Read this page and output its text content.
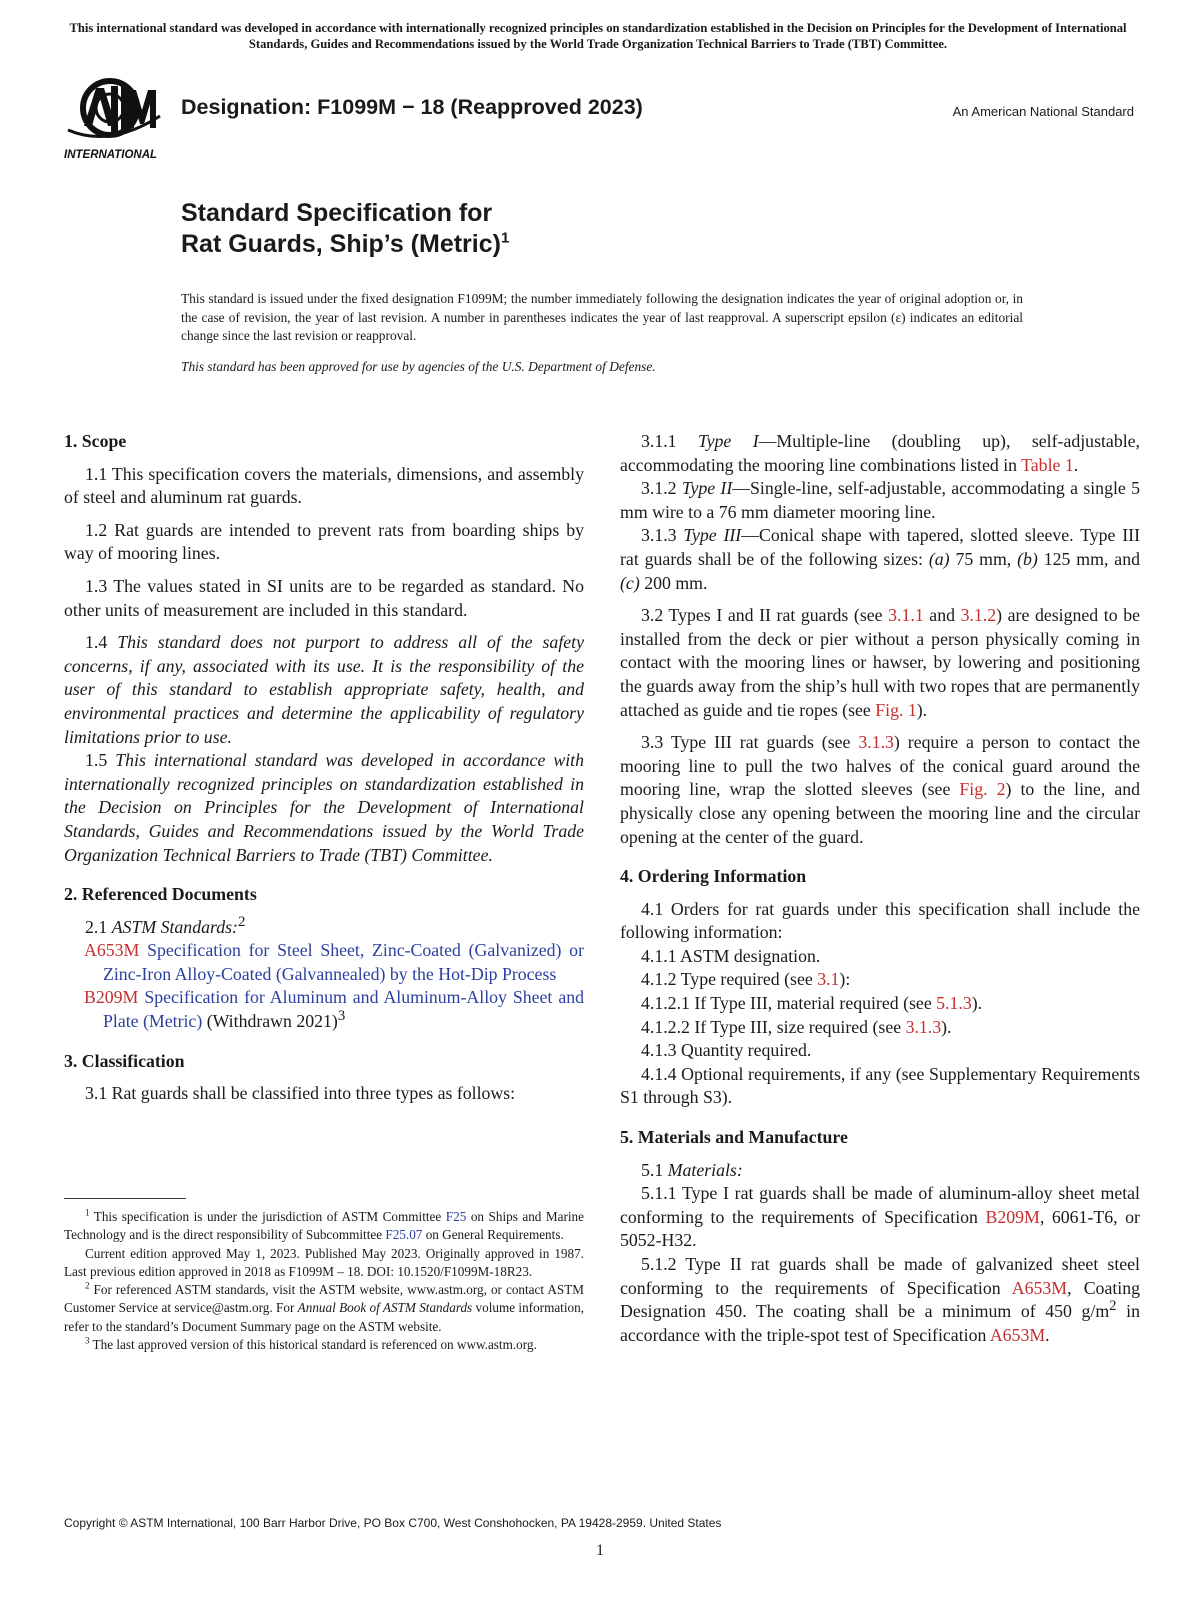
This international standard was developed in accordance with internationally recognized principles on standardization established in the Decision on Principles for the Development of International Standards, Guides and Recommendations issued by the World Trade Organization Technical Barriers to Trade (TBT) Committee.
INTERNATIONAL
Designation: F1099M − 18 (Reapproved 2023)	An American National Standard
Standard Specification for
Rat Guards, Ship’s (Metric)$^1$
This standard is issued under the fixed designation F1099M; the number immediately following the designation indicates the year of original adoption or, in the case of revision, the year of last revision. A number in parentheses indicates the year of last reapproval. A superscript epsilon (ε) indicates an editorial change since the last revision or reapproval.
This standard has been approved for use by agencies of the U.S. Department of Defense.

1. Scope

1.1 This specification covers the materials, dimensions, and assembly of steel and aluminum rat guards.

1.2 Rat guards are intended to prevent rats from boarding ships by way of mooring lines.

1.3 The values stated in SI units are to be regarded as standard. No other units of measurement are included in this standard.

1.4 This standard does not purport to address all of the safety concerns, if any, associated with its use. It is the responsibility of the user of this standard to establish appropriate safety, health, and environmental practices and determine the applicability of regulatory limitations prior to use.

1.5 This international standard was developed in accordance with internationally recognized principles on standardization established in the Decision on Principles for the Development of International Standards, Guides and Recommendations issued by the World Trade Organization Technical Barriers to Trade (TBT) Committee.

2. Referenced Documents

2.1 ASTM Standards:$^2$

A653M Specification for Steel Sheet, Zinc-Coated (Galvanized) or Zinc-Iron Alloy-Coated (Galvannealed) by the Hot-Dip Process

B209M Specification for Aluminum and Aluminum-Alloy Sheet and Plate (Metric) (Withdrawn 2021)$^3$

3. Classification

3.1 Rat guards shall be classified into three types as follows:

$^1$ This specification is under the jurisdiction of ASTM Committee F25 on Ships and Marine Technology and is the direct responsibility of Subcommittee F25.07 on General Requirements.

Current edition approved May 1, 2023. Published May 2023. Originally approved in 1987. Last previous edition approved in 2018 as F1099M – 18. DOI: 10.1520/F1099M-18R23.

$^2$ For referenced ASTM standards, visit the ASTM website, www.astm.org, or contact ASTM Customer Service at service@astm.org. For Annual Book of ASTM Standards volume information, refer to the standard’s Document Summary page on the ASTM website.

$^3$ The last approved version of this historical standard is referenced on www.astm.org.

3.1.1 Type I—Multiple-line (doubling up), self-adjustable, accommodating the mooring line combinations listed in Table 1.

3.1.2 Type II—Single-line, self-adjustable, accommodating a single 5 mm wire to a 76 mm diameter mooring line.

3.1.3 Type III—Conical shape with tapered, slotted sleeve. Type III rat guards shall be of the following sizes: (a) 75 mm, (b) 125 mm, and (c) 200 mm.

3.2 Types I and II rat guards (see 3.1.1 and 3.1.2) are designed to be installed from the deck or pier without a person physically coming in contact with the mooring lines or hawser, by lowering and positioning the guards away from the ship’s hull with two ropes that are permanently attached as guide and tie ropes (see Fig. 1).

3.3 Type III rat guards (see 3.1.3) require a person to contact the mooring line to pull the two halves of the conical guard around the mooring line, wrap the slotted sleeves (see Fig. 2) to the line, and physically close any opening between the mooring line and the circular opening at the center of the guard.

4. Ordering Information

4.1 Orders for rat guards under this specification shall include the following information:

4.1.1 ASTM designation.

4.1.2 Type required (see 3.1):

4.1.2.1 If Type III, material required (see 5.1.3).

4.1.2.2 If Type III, size required (see 3.1.3).

4.1.3 Quantity required.

4.1.4 Optional requirements, if any (see Supplementary Requirements S1 through S3).

5. Materials and Manufacture

5.1 Materials:

5.1.1 Type I rat guards shall be made of aluminum-alloy sheet metal conforming to the requirements of Specification B209M, 6061-T6, or 5052-H32.

5.1.2 Type II rat guards shall be made of galvanized sheet steel conforming to the requirements of Specification A653M, Coating Designation 450. The coating shall be a minimum of 450 $g/m^2$ in accordance with the triple-spot test of Specification A653M.

Copyright © ASTM International, 100 Barr Harbor Drive, PO Box C700, West Conshohocken, PA 19428-2959. United States
1
